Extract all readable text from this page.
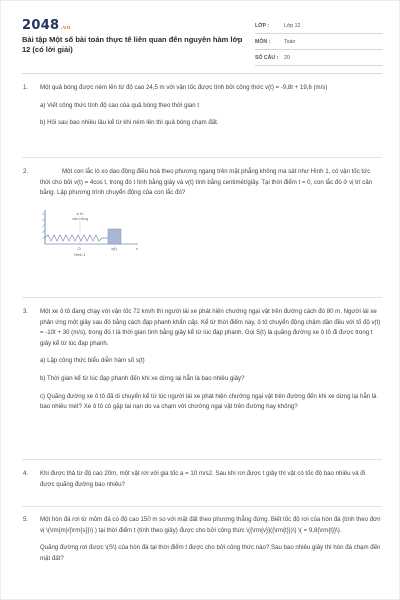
2048.vn
Bài tập Một số bài toán thực tế liên quan đến nguyên hàm lớp 12 (có lời giải)
LỚP :	Lớp 12
MÔN :	Toán
SỐ CÂU :	20
1. Một quả bóng được ném lên từ độ cao 24,5 m với vận tốc được tính bởi công thức v(t) = -9,8t + 19,6 (m/s)

a) Viết công thức tính độ cao của quả bóng theo thời gian t

b) Hỏi sau bao nhiêu lâu kể từ khi ném lên thì quả bóng chạm đất.

2.	Một con lắc lò xo dao động điều hoà theo phương ngang trên mặt phẳng không ma sát như Hình 1, có vận tốc tức thời cho bởi v(t) = 4cos t, trong đó t tính bằng giây và v(t) tính bằng centimét/giây. Tại thời điểm t = 0, con lắc đó ở vị trí cân bằng. Lập phương trình chuyển động của con lắc đó?

vị trí
cân bằng
O	x(t)	x
Hình 1
3. Một xe ô tô đang chạy với vận tốc 72 km/h thì người lái xe phát hiện chướng ngại vật trên đường cách đó 80 m. Người lái xe phản ứng một giây sau đó bằng cách đạp phanh khẩn cấp. Kể từ thời điểm này, ô tô chuyển động chậm dần đều với tố độ v(t) = -10t + 30 (m/s), trong đó t là thời gian tính bằng giây kể từ lúc đạp phanh. Gọi S(t) là quãng đường xe ô tô đi được trong t giây kể từ lúc đạp phanh.

a) Lập công thức biểu diễn hàm số s(t)

b) Thời gian kể từ lúc đạp phanh đến khi xe dừng lại hẳn là bao nhiêu giây?

c) Quãng đường xe ô tô đã di chuyển kể từ lúc người lái xe phát hiện chướng ngại vật trên đường đến khi xe dừng lại hẳn là bao nhiêu mét? Xe ô tô có gặp tai nạn do va chạm với chướng ngại vật trên đường hay không?

4. Khi được thả từ độ cao 20m, một vật rơi với gia tốc a = 10 m/s2. Sau khi rơi được t giây thì vật có tốc độ bao nhiêu và đi được quãng đường bao nhiêu?

5. Một hòn đá rơi từ mỏm đá có độ cao 150 m so với mặt đất theo phương thẳng đứng. Biết tốc độ rơi của hòn đá (tính theo đơn vị \(\rm{m}/{\rm{s}}\) ) tại thời điểm t (tính theo giây) được cho bởi công thức \({\rm{v}}({\rm{t}})\) \( = 9,8{\rm{t}}\).

Quãng đường rơi được \(S\) của hòn đá tại thời điểm t được cho bởi công thức nào? Sau bao nhiêu giây thì hòn đá chạm đến mặt đất?
